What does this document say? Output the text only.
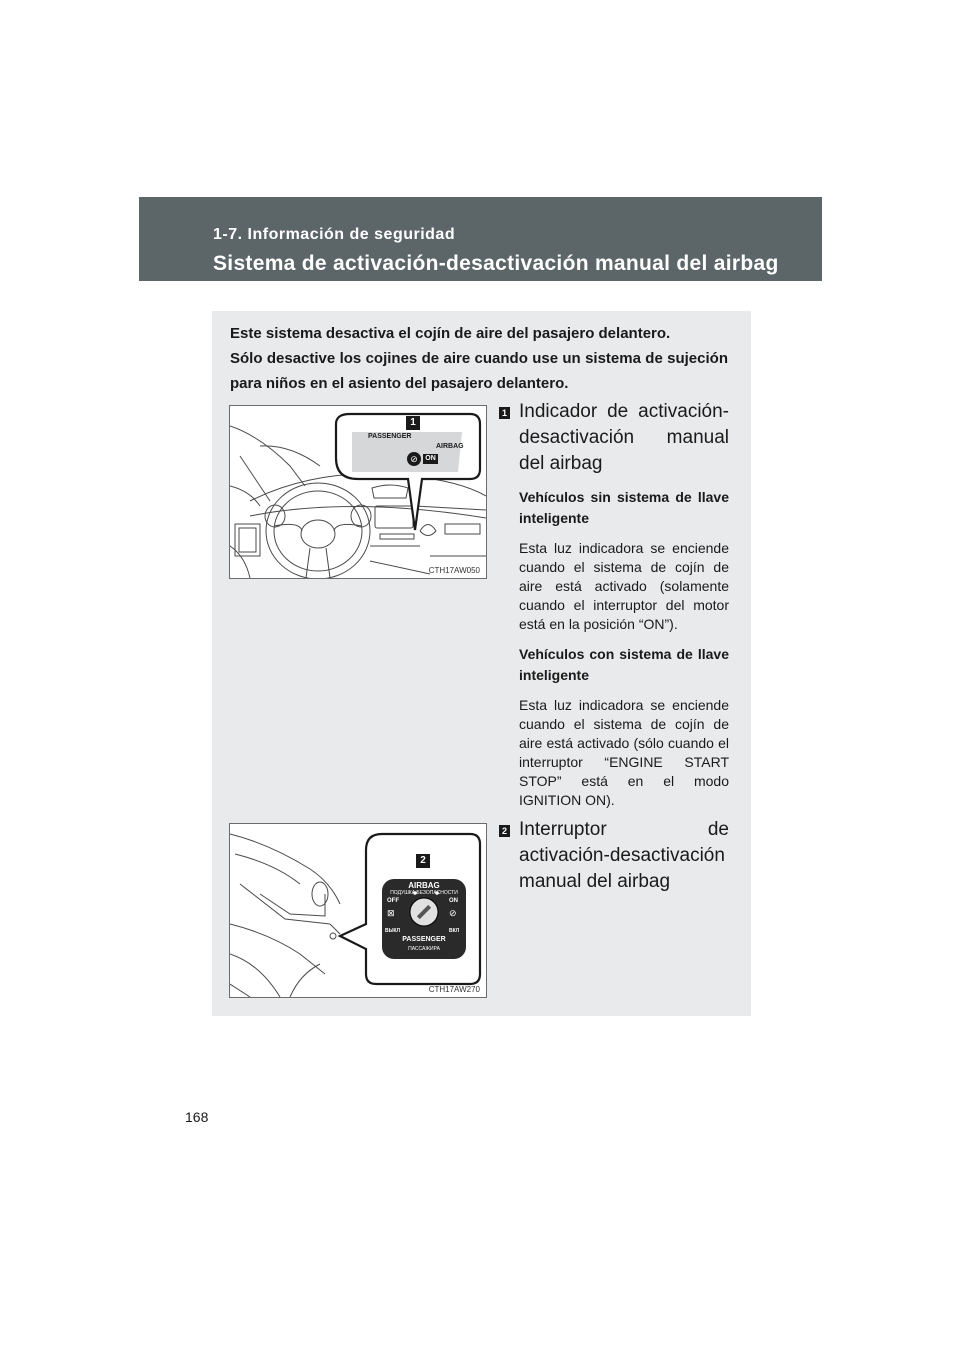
1-7. Información de seguridad
Sistema de activación-desactivación manual del airbag

Este sistema desactiva el cojín de aire del pasajero delantero.

Sólo desactive los cojines de aire cuando use un sistema de sujeción para niños en el asiento del pasajero delantero.

1
PASSENGER
AIRBAG
⊘	ON
CTH17AW050
1 Indicador de activación-desactivación manual del airbag

Vehículos sin sistema de llave inteligente

Esta luz indicadora se enciende cuando el sistema de cojín de aire está activado (solamente cuando el interruptor del motor está en la posición “ON”).

Vehículos con sistema de llave inteligente

Esta luz indicadora se enciende cuando el sistema de cojín de aire está activado (sólo cuando el interruptor “ENGINE START STOP” está en el modo IGNITION ON).

2
AIRBAG
ПОДУШКА БЕЗОПАСНОСТИ
OFF	ON
⊠	⊘
ВЫКЛ	ВКЛ
PASSENGER
ПАССАЖИРА
CTH17AW270
2 Interruptor de activación-desactivación manual del airbag

168
